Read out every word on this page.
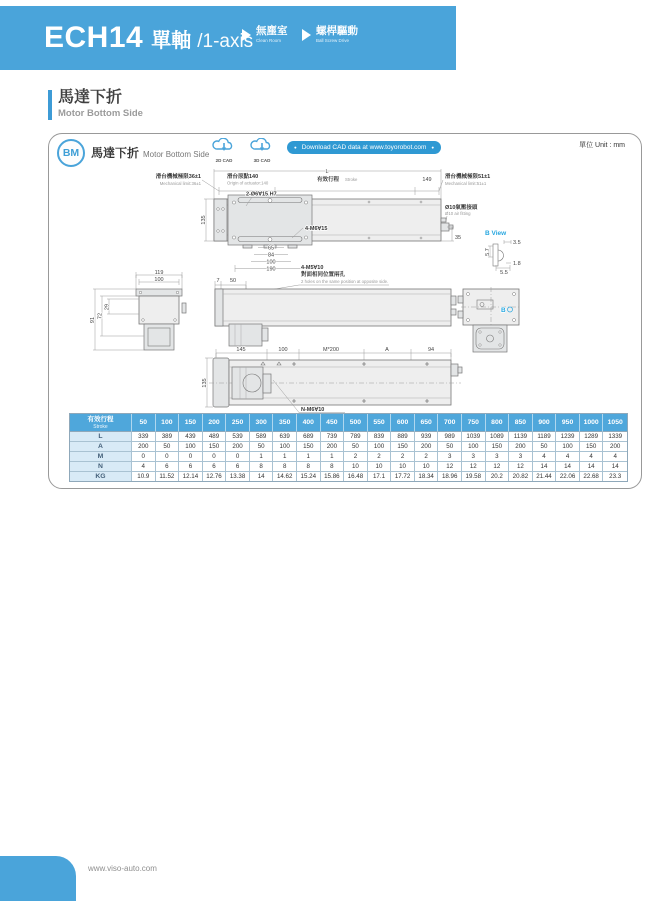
ECH14 單軸 /1-axis 無塵室
Clean Room
螺桿驅動
Ball Screw Drive
馬達下折
Motor Bottom Side
單位 Unit : mm
BM 馬達下折 Motor Bottom Side
2D CAD	3D CAD
● Download CAD data at www.toyorobot.com ●
L
滑台原點140
Origin of actuator:140	有效行程 Stroke	149
滑台機械極限36±1
Mechanical limit:36±1
滑台機械極限51±1
Mechanical limit:51±1
2-Ø6∀15 H7
4-M6∀15
35
Ø10氣壓接頭
Ø10 air fitting
135
65
84
100
190
B View
3.5
5.7
1.8
5.5
119
100
91
72
29
7 50
4-M5∀10
對面相同位置兩孔
2 holes on the same position at opposite side.
B
145	100	M*200	A	94
135
N-M6∀10
有效行程
Stroke
50	100	150	200	250	300	350	400	450	500	550	600	650	700	750	800	850	900	950	1000	1050
L	339	389	439	489	539	589	639	689	739	789	839	889	939	989	1039	1089	1139	1189	1239	1289	1339
A	200	50	100	150	200	50	100	150	200	50	100	150	200	50	100	150	200	50	100	150	200
M	0	0	0	0	0	1	1	1	1	2	2	2	2	3	3	3	3	4	4	4	4
N	4	6	6	6	6	8	8	8	8	10	10	10	10	12	12	12	12	14	14	14	14
KG	10.9	11.52	12.14	12.76	13.38	14	14.62	15.24	15.86	16.48	17.1	17.72	18.34	18.96	19.58	20.2	20.82	21.44	22.06	22.68	23.3
www.viso-auto.com
